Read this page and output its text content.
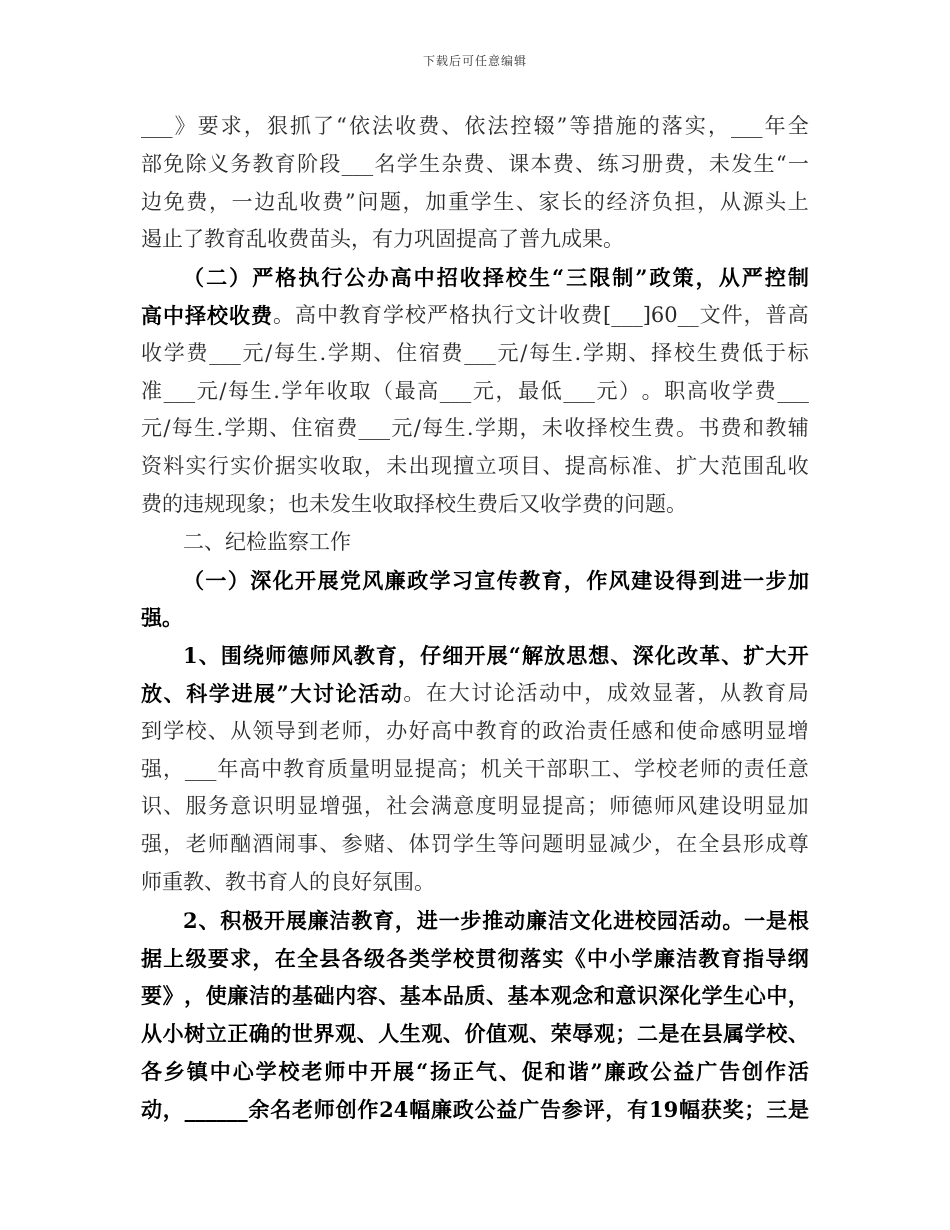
下载后可任意编辑
___ 》 要 求 ， 狠 抓 了 “ 依 法 收 费 、 依 法 控 辍 ” 等 措 施 的 落 实 ， ___ 年 全
部 免 除 义 务 教 育 阶 段 ___ 名 学 生 杂 费 、 课 本 费 、 练 习 册 费 ， 未 发 生 “ 一
边 免 费 ， 一 边 乱 收 费 ” 问 题 ， 加 重 学 生 、 家 长 的 经 济 负 担 ， 从 源 头 上
遏止了教育乱收费苗头，有力巩固提高了普九成果。
（ 二 ） 严 格 执 行 公 办 高 中 招 收 择 校 生 “ 三 限 制 ” 政 策 ， 从 严 控 制
高 中 择 校 收 费 。 高 中 教 育 学 校 严 格 执 行 文 计 收 费 [___]60__ 文 件 ， 普 高
收 学 费 ___ 元 / 每 生 . 学 期 、 住 宿 费 ___ 元 / 每 生 . 学 期 、 择 校 生 费 低 于 标
准 ___ 元 / 每 生 . 学 年 收 取 （ 最 高 ___ 元 ， 最 低 ___ 元 ） 。 职 高 收 学 费 ___
元 / 每 生 . 学 期 、 住 宿 费 ___ 元 / 每 生 . 学 期 ， 未 收 择 校 生 费 。 书 费 和 教 辅
资 料 实 行 实 价 据 实 收 取 ， 未 出 现 擅 立 项 目 、 提 高 标 准 、 扩 大 范 围 乱 收
费的违规现象；也未发生收取择校生费后又收学费的问题。
二、纪检监察工作
（ 一 ） 深 化 开 展 党 风 廉 政 学 习 宣 传 教 育 ， 作 风 建 设 得 到 进 一 步 加
强。
1 、 围 绕 师 德 师 风 教 育 ， 仔 细 开 展 “ 解 放 思 想 、 深 化 改 革 、 扩 大 开
放 、 科 学 进 展 ” 大 讨 论 活 动 。 在 大 讨 论 活 动 中 ， 成 效 显 著 ， 从 教 育 局
到 学 校 、 从 领 导 到 老 师 ， 办 好 高 中 教 育 的 政 治 责 任 感 和 使 命 感 明 显 增
强 ， ___ 年 高 中 教 育 质 量 明 显 提 高 ； 机 关 干 部 职 工 、 学 校 老 师 的 责 任 意
识 、 服 务 意 识 明 显 增 强 ， 社 会 满 意 度 明 显 提 高 ； 师 德 师 风 建 设 明 显 加
强 ， 老 师 酗 酒 闹 事 、 参 赌 、 体 罚 学 生 等 问 题 明 显 减 少 ， 在 全 县 形 成 尊
师重教、教书育人的良好氛围。
2 、 积 极 开 展 廉 洁 教 育 ， 进 一 步 推 动 廉 洁 文 化 进 校 园 活 动 。 一 是 根
据 上 级 要 求 ， 在 全 县 各 级 各 类 学 校 贯 彻 落 实 《 中 小 学 廉 洁 教 育 指 导 纲
要 》 ， 使 廉 洁 的 基 础 内 容 、 基 本 品 质 、 基 本 观 念 和 意 识 深 化 学 生 心 中 ，
从 小 树 立 正 确 的 世 界 观 、 人 生 观 、 价 值 观 、 荣 辱 观 ； 二 是 在 县 属 学 校 、
各 乡 镇 中 心 学 校 老 师 中 开 展 “ 扬 正 气 、 促 和 谐 ” 廉 政 公 益 广 告 创 作 活
动 ， ______ 余 名 老 师 创 作 24 幅 廉 政 公 益 广 告 参 评 ， 有 19 幅 获 奖 ； 三 是
